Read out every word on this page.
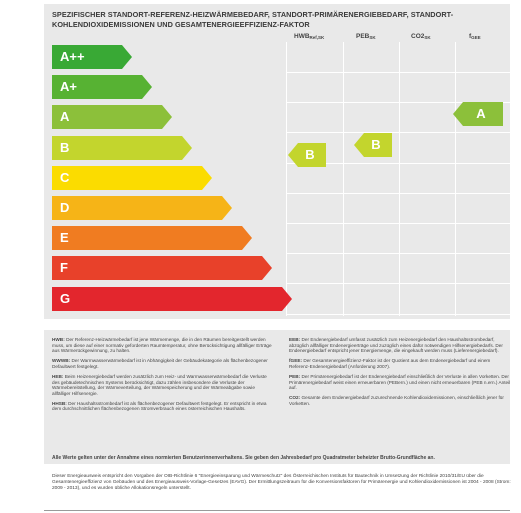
SPEZIFISCHER STANDORT-REFERENZ-HEIZWÄRMEBEDARF, STANDORT-PRIMÄRENERGIEBEDARF, STANDORT-KOHLENDIOXIDEMISSIONEN UND GESAMTENERGIEEFFIZIENZ-FAKTOR
$HWB_{Ref,SK}$	$PEB_{SK}$	$CO2_{SK}$	$f_{GEE}$
A++
A+
A
B
C
D
E
F
G
B
B
A

HWB: Der Referenz-Heizwärmebedarf ist jene Wärmemenge, die in den Räumen bereitgestellt werden muss, um diese auf einer normativ geforderten Raumtemperatur, ohne Berücksichtigung allfälliger Erträge aus Wärmerückgewinnung, zu halten.

WWWB: Der Warmwasserwärmebedarf ist in Abhängigkeit der Gebäudekategorie als flächenbezogener Defaultwert festgelegt.

HEB: Beim Heizenergiebedarf werden zusätzlich zum Heiz- und Warmwasserwärmebedarf die Verluste des gebäudetechnischen Systems berücksichtigt, dazu zählen insbesondere die Verluste der Wärmebereitstellung, der Wärmeverteilung, der Wärmespeicherung und der Wärmeabgabe sowie allfälliger Hilfsenergie.

HHSB: Der Haushaltsstrombedarf ist als flächenbezogener Defaultwert festgelegt. Er entspricht in etwa dem durchschnittlichen flächenbezogenen Stromverbrauch eines österreichischen Haushalts.

EEB: Der Endenergiebedarf umfasst zusätzlich zum Heizenergiebedarf den Haushaltsstrombedarf, abzüglich allfälliger Endenergieerträge und zuzüglich eines dafür notwendigen Hilfsenergiebedarfs. Der Endenergiebedarf entspricht jener Energiemenge, die eingekauft werden muss (Lieferenergiebedarf).

fGEE: Der Gesamtenergieeffizienz-Faktor ist der Quotient aus dem Endenergiebedarf und einem Referenz-Endenergiebedarf (Anforderung 2007).

PEB: Der Primärenergiebedarf ist der Endenergiebedarf einschließlich der Verluste in allen Vorketten. Der Primärenergiebedarf weist einen erneuerbaren (PEBern.) und einen nicht erneuerbaren (PEB n.ern.) Anteil auf.

CO2: Gesamte dem Endenergiebedarf zuzurechnende Kohlendioxidemissionen, einschließlich jener für Vorketten.

Alle Werte gelten unter der Annahme eines normierten Benutzerinnenverhaltens. Sie geben den Jahresbedarf pro Quadratmeter beheizter Brutto-Grundfläche an.
Dieser Energieausweis entspricht den Vorgaben der OIB-Richtlinie 6 "Energieeinsparung und Wärmeschutz" des Österreichischen Instituts für Bautechnik in Umsetzung der Richtlinie 2010/31/EU über die Gesamtenergieeffizienz von Gebäuden und des Energieausweis-Vorlage-Gesetzes (EAVG). Der Ermittlungszeitraum für die Konversionsfaktoren für Primärenergie und Kohlendioxidemissionen ist 2004 - 2008 (Strom: 2009 - 2013), und es wurden übliche Allokationsregeln unterstellt.
